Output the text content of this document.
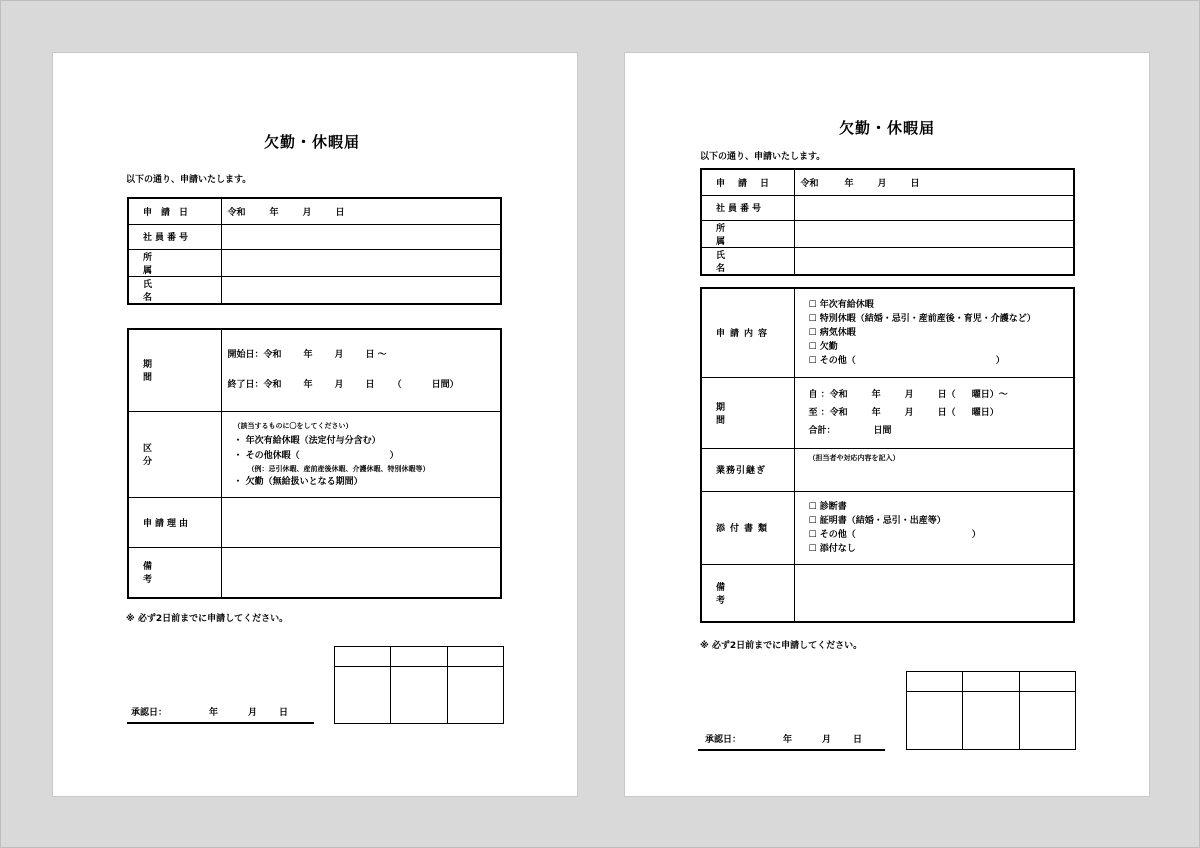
欠勤・休暇届
以下の通り、申請いたします。
申請日	令和 年 月 日
社員番号	
所属	
氏名	
期間	開始日：令和 年 月 日 ～
終了日：令和 年 月 日 （ 日間）

区分	（該当するものに〇をしてください）
・ 年次有給休暇（法定付与分含む）
・ その他休暇（ ）
（例：忌引休暇、産前産後休暇、介護休暇、特別休暇等）
・ 欠勤（無給扱いとなる期間）

申請理由	
備考	
※ 必ず2日前までに申請してください。
承認日：	年	月 日

欠勤・休暇届
以下の通り、申請いたします。
申請日	令和 年 月 日
社員番号	
所属	
氏名	
申請内容	☐ 年次有給休暇
☐ 特別休暇（結婚・忌引・産前産後・育児・介護など）
☐ 病気休暇
☐ 欠勤
☐ その他（ ）

期間	自 ：令和 年 月 日（ 曜日）～
至 ：令和 年 月 日（ 曜日）
合計： 日間

業務引継ぎ	（担当者や対応内容を記入）

添付書類	☐ 診断書
☐ 証明書（結婚・忌引・出産等）
☐ その他（ ）
☐ 添付なし

備考	
※ 必ず2日前までに申請してください。
承認日：	年	月 日
